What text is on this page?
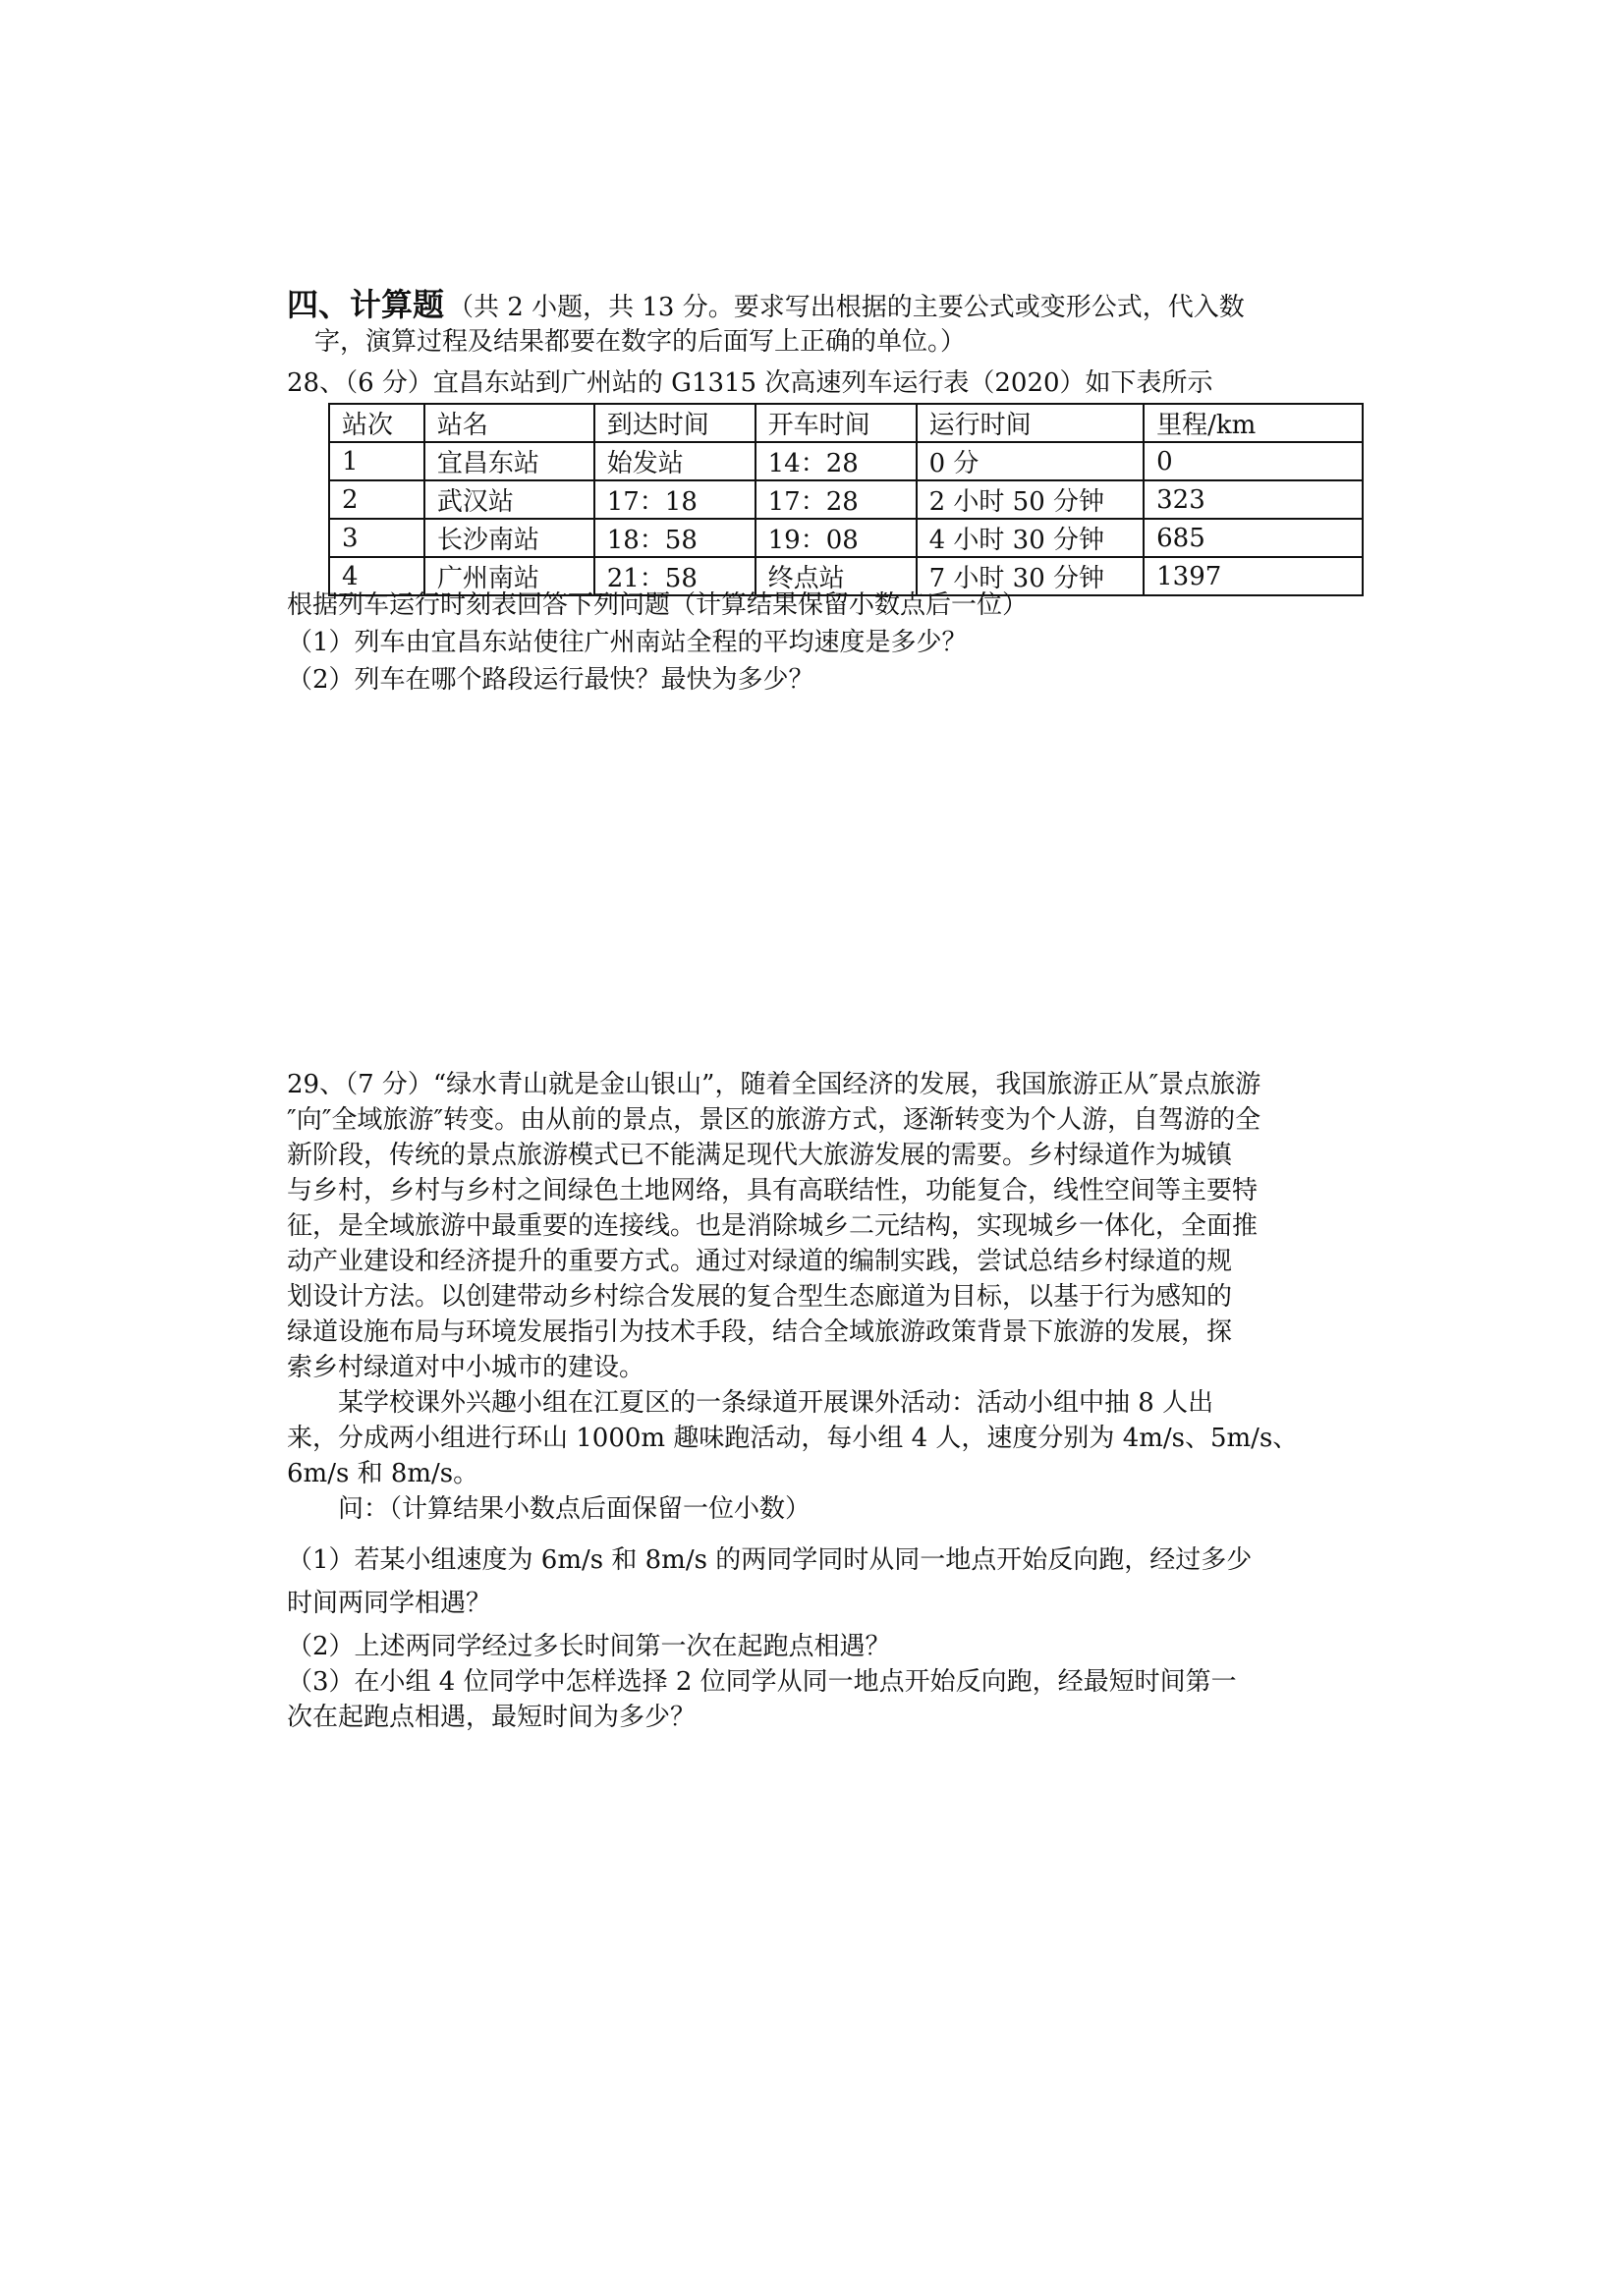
四、计算题 （共 2 小题，共 13 分。要求写出根据的主要公式或变形公式，代入数
字，演算过程及结果都要在数字的后面写上正确的单位。）
28、（6 分）宜昌东站到广州站的 G1315 次高速列车运行表（2020）如下表所示
站次	站名	到达时间	开车时间	运行时间	里程/km
1	宜昌东站	始发站	14：28	0 分	0
2	武汉站	17：18	17：28	2 小时 50 分钟	323
3	长沙南站	18：58	19：08	4 小时 30 分钟	685
4	广州南站	21：58	终点站	7 小时 30 分钟	1397
根据列车运行时刻表回答下列问题（计算结果保留小数点后一位）
（1）列车由宜昌东站使往广州南站全程的平均速度是多少？
（2）列车在哪个路段运行最快？最快为多少？
29、（7 分）“绿水青山就是金山银山”，随着全国经济的发展，我国旅游正从″景点旅游
″向″全域旅游″转变。由从前的景点，景区的旅游方式，逐渐转变为个人游，自驾游的全
新阶段，传统的景点旅游模式已不能满足现代大旅游发展的需要。乡村绿道作为城镇
与乡村，乡村与乡村之间绿色土地网络，具有高联结性，功能复合，线性空间等主要特
征，是全域旅游中最重要的连接线。也是消除城乡二元结构，实现城乡一体化，全面推
动产业建设和经济提升的重要方式。通过对绿道的编制实践，尝试总结乡村绿道的规
划设计方法。以创建带动乡村综合发展的复合型生态廊道为目标，以基于行为感知的
绿道设施布局与环境发展指引为技术手段，结合全域旅游政策背景下旅游的发展，探
索乡村绿道对中小城市的建设。
　　某学校课外兴趣小组在江夏区的一条绿道开展课外活动：活动小组中抽 8 人出
来，分成两小组进行环山 1000m 趣味跑活动，每小组 4 人，速度分别为 4m/s、5m/s、
6m/s 和 8m/s。
　　问：（计算结果小数点后面保留一位小数）
（1）若某小组速度为 6m/s 和 8m/s 的两同学同时从同一地点开始反向跑，经过多少
时间两同学相遇？
（2）上述两同学经过多长时间第一次在起跑点相遇？
（3）在小组 4 位同学中怎样选择 2 位同学从同一地点开始反向跑，经最短时间第一
次在起跑点相遇，最短时间为多少？
